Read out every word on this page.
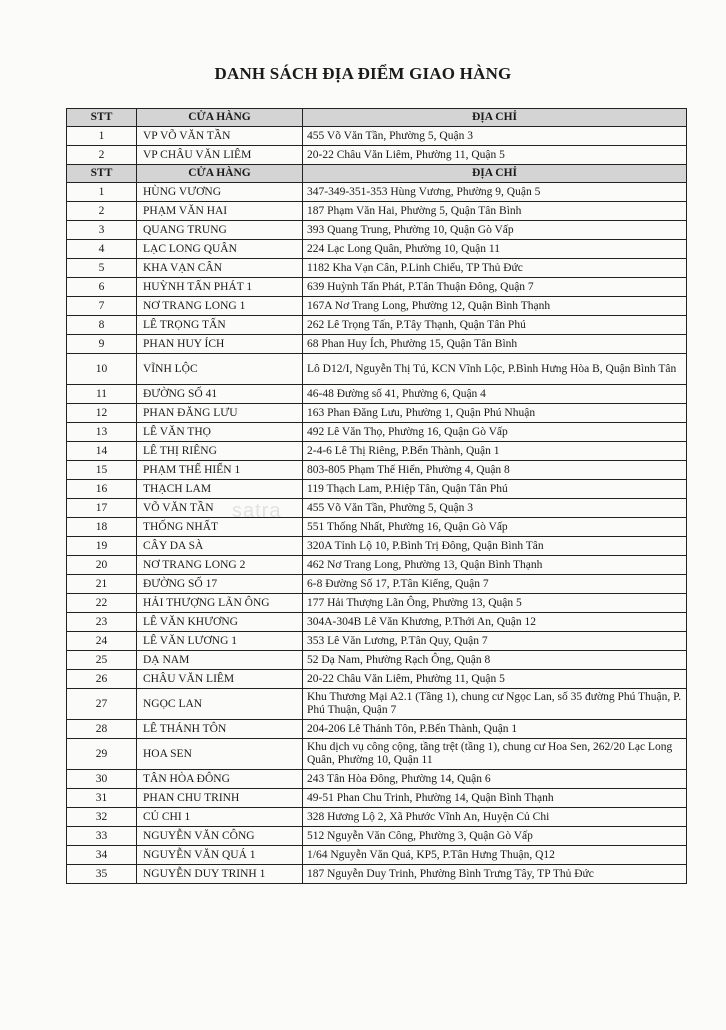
DANH SÁCH ĐỊA ĐIỂM GIAO HÀNG
STT	CỬA HÀNG	ĐỊA CHỈ
1	VP VÕ VĂN TẦN	455 Võ Văn Tần, Phường 5, Quận 3
2	VP CHÂU VĂN LIÊM	20-22 Châu Văn Liêm, Phường 11, Quận 5
STT	CỬA HÀNG	ĐỊA CHỈ
1	HÙNG VƯƠNG	347-349-351-353 Hùng Vương, Phường 9, Quận 5
2	PHẠM VĂN HAI	187 Phạm Văn Hai, Phường 5, Quận Tân Bình
3	QUANG TRUNG	393 Quang Trung, Phường 10, Quận Gò Vấp
4	LẠC LONG QUÂN	224 Lạc Long Quân, Phường 10, Quận 11
5	KHA VẠN CÂN	1182 Kha Vạn Cân, P.Linh Chiểu, TP Thủ Đức
6	HUỲNH TẤN PHÁT 1	639 Huỳnh Tấn Phát, P.Tân Thuận Đông, Quận 7
7	NƠ TRANG LONG 1	167A Nơ Trang Long, Phường 12, Quận Bình Thạnh
8	LÊ TRỌNG TẤN	262 Lê Trọng Tấn, P.Tây Thạnh, Quận Tân Phú
9	PHAN HUY ÍCH	68 Phan Huy Ích, Phường 15, Quận Tân Bình
10	VĨNH LỘC	Lô D12/I, Nguyễn Thị Tú, KCN Vĩnh Lộc, P.Bình Hưng Hòa B, Quận Bình Tân
11	ĐƯỜNG SỐ 41	46-48 Đường số 41, Phường 6, Quận 4
12	PHAN ĐĂNG LƯU	163 Phan Đăng Lưu, Phường 1, Quận Phú Nhuận
13	LÊ VĂN THỌ	492 Lê Văn Thọ, Phường 16, Quận Gò Vấp
14	LÊ THỊ RIÊNG	2-4-6 Lê Thị Riêng, P.Bến Thành, Quận 1
15	PHẠM THẾ HIỂN 1	803-805 Phạm Thế Hiển, Phường 4, Quận 8
16	THẠCH LAM	119 Thạch Lam, P.Hiệp Tân, Quận Tân Phú
17	VÕ VĂN TẦN	455 Võ Văn Tần, Phường 5, Quận 3
18	THỐNG NHẤT	551 Thống Nhất, Phường 16, Quận Gò Vấp
19	CÂY DA SÀ	320A Tỉnh Lộ 10, P.Bình Trị Đông, Quận Bình Tân
20	NƠ TRANG LONG 2	462 Nơ Trang Long, Phường 13, Quận Bình Thạnh
21	ĐƯỜNG SỐ 17	6-8 Đường Số 17, P.Tân Kiểng, Quận 7
22	HẢI THƯỢNG LÃN ÔNG	177 Hải Thượng Lãn Ông, Phường 13, Quận 5
23	LÊ VĂN KHƯƠNG	304A-304B Lê Văn Khương, P.Thới An, Quận 12
24	LÊ VĂN LƯƠNG 1	353 Lê Văn Lương, P.Tân Quy, Quận 7
25	DẠ NAM	52 Dạ Nam, Phường Rạch Ông, Quận 8
26	CHÂU VĂN LIÊM	20-22 Châu Văn Liêm, Phường 11, Quận 5
27	NGỌC LAN	Khu Thương Mại A2.1 (Tầng 1), chung cư Ngọc Lan, số 35 đường Phú Thuận, P. Phú Thuận, Quận 7
28	LÊ THÁNH TÔN	204-206 Lê Thánh Tôn, P.Bến Thành, Quận 1
29	HOA SEN	Khu dịch vụ công cộng, tầng trệt (tầng 1), chung cư Hoa Sen, 262/20 Lạc Long Quân, Phường 10, Quận 11
30	TÂN HÒA ĐÔNG	243 Tân Hòa Đông, Phường 14, Quận 6
31	PHAN CHU TRINH	49-51 Phan Chu Trinh, Phường 14, Quận Bình Thạnh
32	CỦ CHI 1	328 Hương Lộ 2, Xã Phước Vĩnh An, Huyện Củ Chi
33	NGUYỄN VĂN CÔNG	512 Nguyễn Văn Công, Phường 3, Quận Gò Vấp
34	NGUYỄN VĂN QUÁ 1	1/64 Nguyễn Văn Quá, KP5, P.Tân Hưng Thuận, Q12
35	NGUYỄN DUY TRINH 1	187 Nguyễn Duy Trinh, Phường Bình Trưng Tây, TP Thủ Đức
satra
